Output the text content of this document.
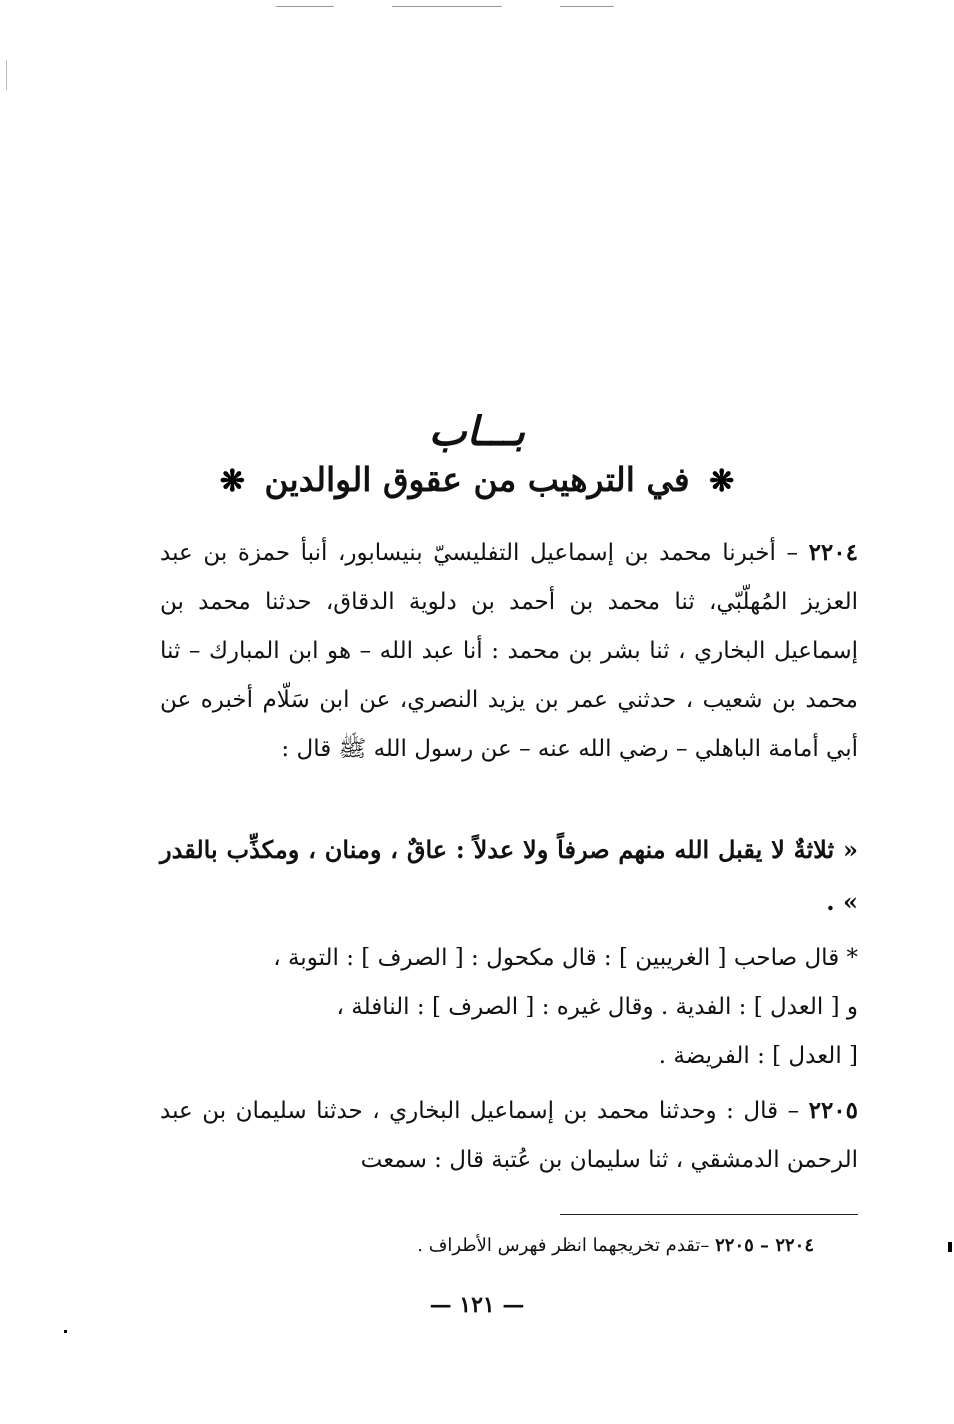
بـــاب
❋ في الترهيب من عقوق الوالدين ❋
٢٢٠٤ – أخبرنا محمد بن إسماعيل التفليسيّ بنيسابور، أنبأ حمزة بن عبد العزيز المُهلّبّي، ثنا محمد بن أحمد بن دلوية الدقاق، حدثنا محمد بن إسماعيل البخاري ، ثنا بشر بن محمد : أنا عبد الله – هو ابن المبارك – ثنا محمد بن شعيب ، حدثني عمر بن يزيد النصري، عن ابن سَلّام أخبره عن أبي أمامة الباهلي – رضي الله عنه – عن رسول الله ﷺ قال :
« ثلاثةٌ لا يقبل الله منهم صرفاً ولا عدلاً : عاقٌ ، ومنان ، ومكذِّب بالقدر » .
* قال صاحب [ الغريبين ] : قال مكحول : [ الصرف ] : التوبة ،
و [ العدل ] : الفدية . وقال غيره : [ الصرف ] : النافلة ،
[ العدل ] : الفريضة .
٢٢٠٥ – قال : وحدثنا محمد بن إسماعيل البخاري ، حدثنا سليمان بن عبد الرحمن الدمشقي ، ثنا سليمان بن عُتبة قال : سمعت
٢٢٠٤ – ٢٢٠٥ –تقدم تخريجهما انظر فهرس الأطراف .
— ١٢١ —
